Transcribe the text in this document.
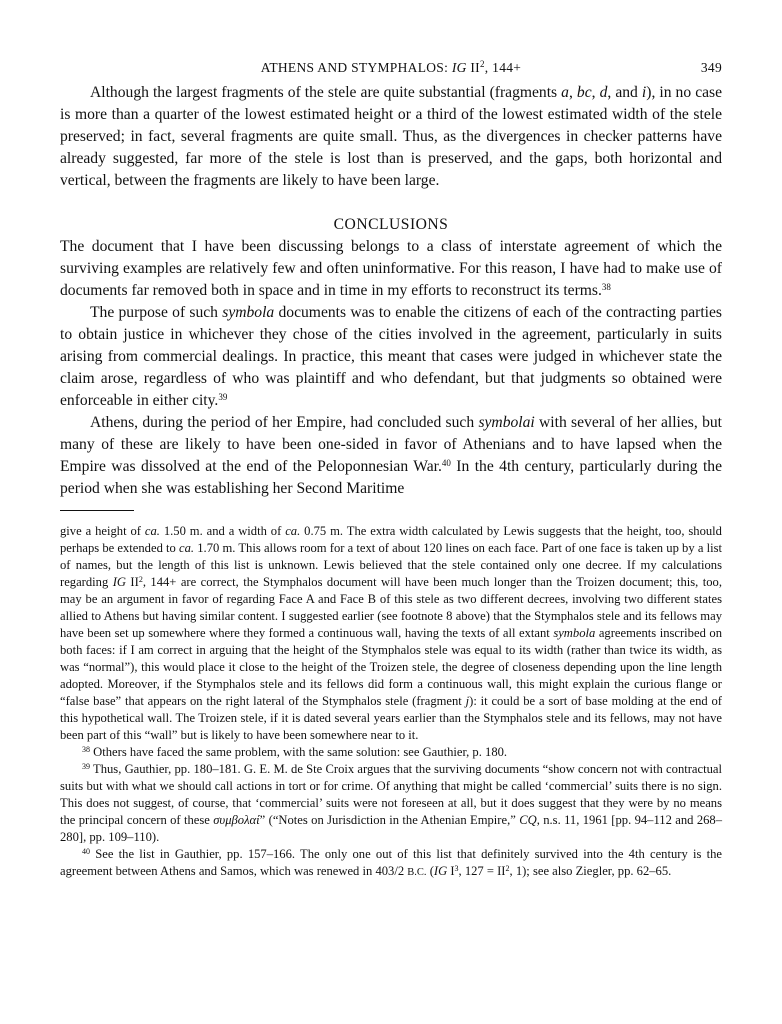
ATHENS AND STYMPHALOS: IG $II^2$, 144+	349

Although the largest fragments of the stele are quite substantial (fragments a, bc, d, and i), in no case is more than a quarter of the lowest estimated height or a third of the lowest estimated width of the stele preserved; in fact, several fragments are quite small. Thus, as the divergences in checker patterns have already suggested, far more of the stele is lost than is preserved, and the gaps, both horizontal and vertical, between the fragments are likely to have been large.

CONCLUSIONS

The document that I have been discussing belongs to a class of interstate agreement of which the surviving examples are relatively few and often uninformative. For this reason, I have had to make use of documents far removed both in space and in time in my efforts to reconstruct its terms.$^{38}$

The purpose of such symbola documents was to enable the citizens of each of the contracting parties to obtain justice in whichever they chose of the cities involved in the agreement, particularly in suits arising from commercial dealings. In practice, this meant that cases were judged in whichever state the claim arose, regardless of who was plaintiff and who defendant, but that judgments so obtained were enforceable in either city.$^{39}$

Athens, during the period of her Empire, had concluded such symbolai with several of her allies, but many of these are likely to have been one-sided in favor of Athenians and to have lapsed when the Empire was dissolved at the end of the Peloponnesian War.$^{40}$ In the 4th century, particularly during the period when she was establishing her Second Maritime

give a height of ca. 1.50 m. and a width of ca. 0.75 m. The extra width calculated by Lewis suggests that the height, too, should perhaps be extended to ca. 1.70 m. This allows room for a text of about 120 lines on each face. Part of one face is taken up by a list of names, but the length of this list is unknown. Lewis believed that the stele contained only one decree. If my calculations regarding IG $II^2$, 144+ are correct, the Stymphalos document will have been much longer than the Troizen document; this, too, may be an argument in favor of regarding Face A and Face B of this stele as two different decrees, involving two different states allied to Athens but having similar content. I suggested earlier (see footnote 8 above) that the Stymphalos stele and its fellows may have been set up somewhere where they formed a continuous wall, having the texts of all extant symbola agreements inscribed on both faces: if I am correct in arguing that the height of the Stymphalos stele was equal to its width (rather than twice its width, as was “normal”), this would place it close to the height of the Troizen stele, the degree of closeness depending upon the line length adopted. Moreover, if the Stymphalos stele and its fellows did form a continuous wall, this might explain the curious flange or “false base” that appears on the right lateral of the Stymphalos stele (fragment j): it could be a sort of base molding at the end of this hypothetical wall. The Troizen stele, if it is dated several years earlier than the Stymphalos stele and its fellows, may not have been part of this “wall” but is likely to have been somewhere near to it.

$^{38}$ Others have faced the same problem, with the same solution: see Gauthier, p. 180.

$^{39}$ Thus, Gauthier, pp. 180–181. G. E. M. de Ste Croix argues that the surviving documents “show concern not with contractual suits but with what we should call actions in tort or for crime. Of anything that might be called ‘commercial’ suits there is no sign. This does not suggest, of course, that ‘commercial’ suits were not foreseen at all, but it does suggest that they were by no means the principal concern of these συμβολαί” (“Notes on Jurisdiction in the Athenian Empire,” CQ, n.s. 11, 1961 [pp. 94–112 and 268–280], pp. 109–110).

$^{40}$ See the list in Gauthier, pp. 157–166. The only one out of this list that definitely survived into the 4th century is the agreement between Athens and Samos, which was renewed in 403/2 B.C. (IG $I^3$, $127 = II^2$, 1); see also Ziegler, pp. 62–65.
